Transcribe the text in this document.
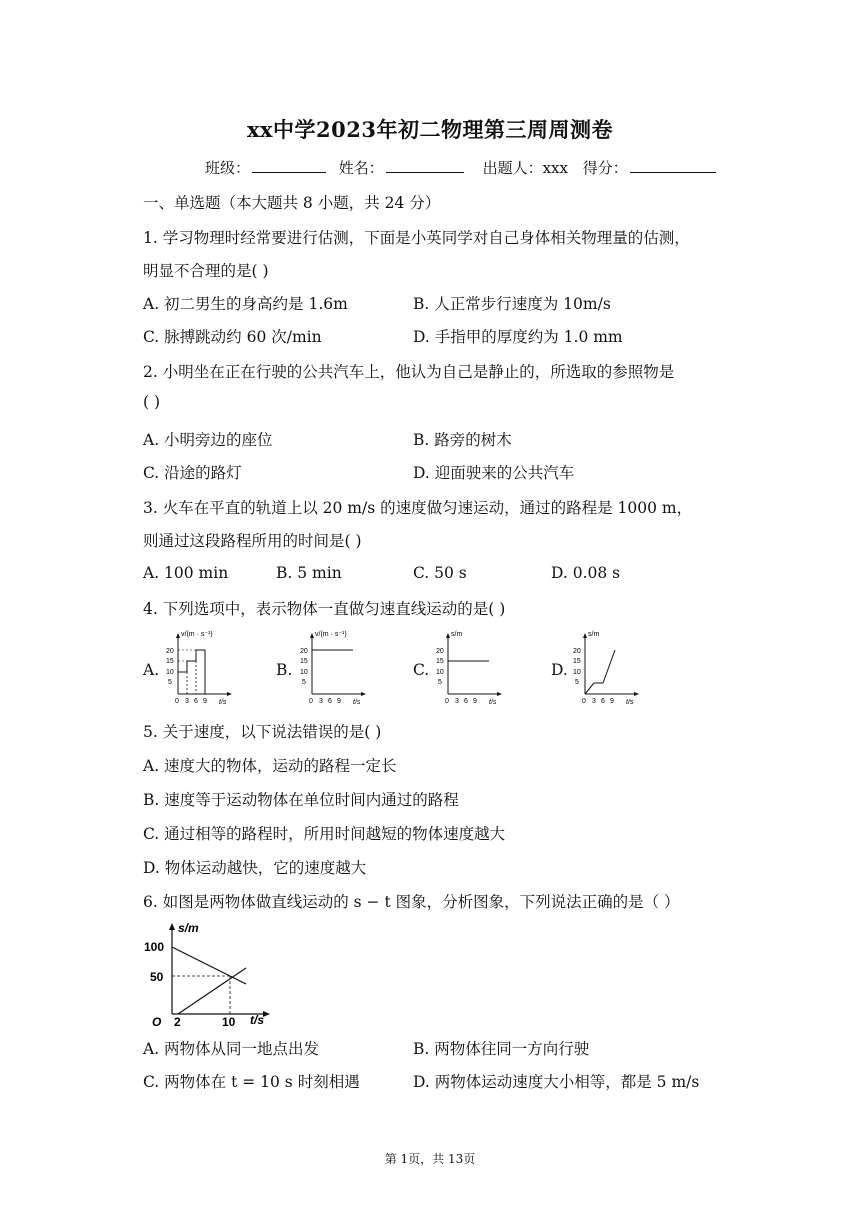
xx中学2023年初二物理第三周周测卷
班级：	姓名：	出题人：xxx 得分：
一、单选题（本大题共 8 小题，共 24 分）
1. 学习物理时经常要进行估测，下面是小英同学对自己身体相关物理量的估测，
明显不合理的是( )
A. 初二男生的身高约是 1.6m	B. 人正常步行速度为 10m/s
C. 脉搏跳动约 60 次/min	D. 手指甲的厚度约为 1.0 mm
2. 小明坐在正在行驶的公共汽车上，他认为自己是静止的，所选取的参照物是
( )
A. 小明旁边的座位	B. 路旁的树木
C. 沿途的路灯	D. 迎面驶来的公共汽车
3. 火车在平直的轨道上以 20 m/s 的速度做匀速运动，通过的路程是 1000 m，
则通过这段路程所用的时间是( )
A. 100 min	B. 5 min	C. 50 s	D. 0.08 s
4. 下列选项中，表示物体一直做匀速直线运动的是( )
A.	B.	C.	D.
v/(m · s⁻¹)
20
15
10
5
0 3 6 9 t/s
v/(m · s⁻¹)
20
15
10
5
0 3 6 9 t/s
s/m
20
15
10
5
0 3 6 9 t/s
s/m
20
15
10
5
0 3 6 9 t/s
5. 关于速度，以下说法错误的是( )
A. 速度大的物体，运动的路程一定长
B. 速度等于运动物体在单位时间内通过的路程
C. 通过相等的路程时，所用时间越短的物体速度越大
D. 物体运动越快，它的速度越大
6. 如图是两物体做直线运动的 s − t 图象，分析图象，下列说法正确的是（ ）
s/m
100
50
O 2	10 t/s
A. 两物体从同一地点出发	B. 两物体往同一方向行驶
C. 两物体在 t = 10 s 时刻相遇	D. 两物体运动速度大小相等，都是 5 m/s
第 1页，共 13页
